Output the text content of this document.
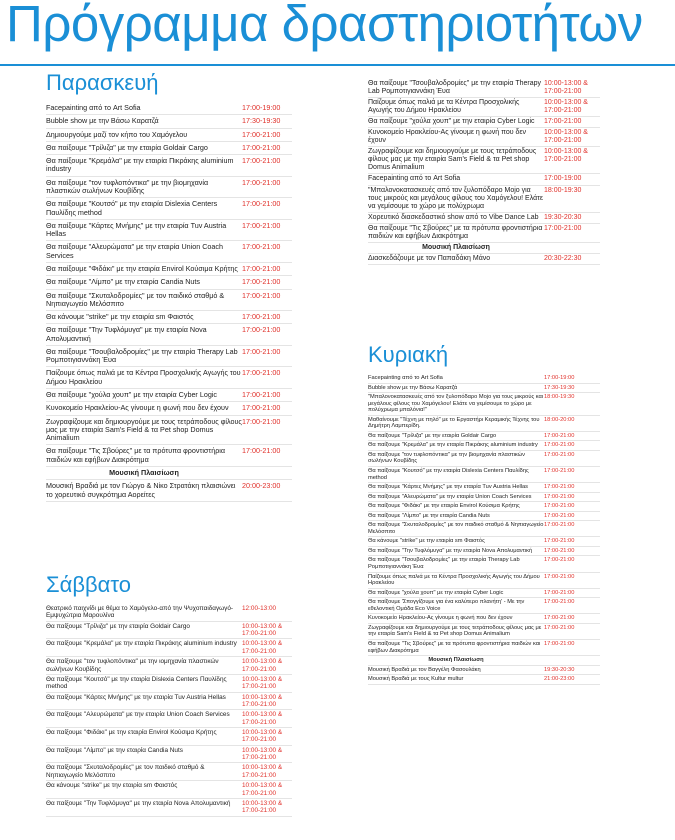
Πρόγραμμα δραστηριοτήτων
Παρασκευή
Facepainting από το Art Sofia	17:00-19:00

Bubble show με την Βάσω Καρατζά	17:30-19:30

Δημιουργούμε μαζί τον κήπο του Χαμόγελου	17:00-21:00

Θα παίξουμε "Τρίλιζα" με την εταιρία Goldair Cargo	17:00-21:00

Θα παίξουμε "Κρεμάλα" με την εταιρία Πικράκης aluminium industry	17:00-21:00

Θα παίξουμε "τον τυφλοπόντικα" με την βιομηχανία πλαστικών σωλήνων Κουβίδης	17:00-21:00

Θα παίξουμε "Κουτσό" με την εταιρία Dislexia Centers Παυλίδης method	17:00-21:00

Θα παίξουμε "Κάρτες Μνήμης" με την εταιρία Tuv Austria Hellas	17:00-21:00

Θα παίξουμε "Αλευρώματα" με την εταιρία Union Coach Services	17:00-21:00

Θα παίξουμε "Φιδάκι" με την εταιρία Envirol Κούσιμα Κρήτης	17:00-21:00

Θα παίξουμε "Λίμπο" με την εταιρία Candia Nuts	17:00-21:00

Θα παίξουμε "Σκυταλοδρομίες" με τον παιδικό σταθμό & Νηπιαγωγείο Μελόσπιτο	17:00-21:00

Θα κάνουμε "strike" με την εταιρία sm Φαιστός	17:00-21:00

Θα παίξουμε "Την Τυφλόμυγα" με την εταιρία Nova Απολυμαντική	17:00-21:00

Θα παίξουμε "Τσουβαλοδρομίες" με την εταιρία Therapy Lab Ρομποτιγιαννάκη Έυα	17:00-21:00

Παίζουμε όπως παλιά με τα Κέντρα Προσχολικής Αγωγής του Δήμου Ηρακλείου	17:00-21:00

Θα παίξουμε "χούλα χουπ" με την εταιρία Cyber Logic	17:00-21:00

Κυνοκομείο Ηρακλείου-Ας γίνουμε η φωνή που δεν έχουν	17:00-21:00

Ζωγραφίζουμε και δημιουργούμε με τους τετράποδους φίλους μας με την εταιρία Sam's Field & τα Pet shop Domus Animalium	17:00-21:00

Θα παίξουμε "Τις Σβούρες" με τα πρότυπα φροντιστήρια παιδιών και εφήβων Διακρότημα	17:00-21:00

Μουσική Πλαισίωση	
Μουσική Βραδιά με τον Γιώργο & Νίκο Στρατάκη πλαισιώνει το χορευτικό συγκρότημα Αορείτες	20:00-23:00
Σάββατο
Θεατρικό παιχνίδι με θέμα το Χαμόγελο-από την Ψυχοπαιδαγωγό-Εμψυχώτρια Μαρουλίνα	12:00-13:00

Θα παίξουμε "Τρίλιζα" με την εταιρία Goldair Cargo	10:00-13:00 &
17:00-21:00

Θα παίξουμε "Κρεμάλα" με την εταιρία Πικράκης aluminium industry	10:00-13:00 &
17:00-21:00

Θα παίξουμε "τον τυφλοπόντικα" με την ιομηχανία πλαστικών σωλήνων Κουβίδης	10:00-13:00 &
17:00-21:00

Θα παίξουμε "Κουτσό" με την εταιρία Dislexia Centers Παυλίδης method	10:00-13:00 &
17:00-21:00

Θα παίξουμε "Κάρτες Μνήμης" με την εταιρία Tuv Austria Hellas	10:00-13:00 &
17:00-21:00

Θα παίξουμε "Αλευρώματα" με την εταιρία Union Coach Services	10:00-13:00 &
17:00-21:00

Θα παίξουμε "Φιδάκι" με την εταιρία Envirol Κούσιμα Κρήτης	10:00-13:00 &
17:00-21:00

Θα παίξουμε "Λίμπο" με την εταιρία Candia Nuts	10:00-13:00 &
17:00-21:00

Θα παίξουμε "Σκυταλοδρομίες" με τον παιδικό σταθμό & Νηπιαγωγείο Μελόσπιτο	10:00-13:00 &
17:00-21:00

Θα κάνουμε "strike" με την εταιρία sm Φαιστός	10:00-13:00 &
17:00-21:00

Θα παίξουμε "Την Τυφλόμυγα" με την εταιρία Nova Απολυμαντική	10:00-13:00 &
17:00-21:00
Θα παίξουμε "Τσουβαλοδρομίες" με την εταιρία Therapy Lab Ρομποτιγιαννάκη Έυα	10:00-13:00 &
17:00-21:00

Παίζουμε όπως παλιά με τα Κέντρα Προσχολικής Αγωγής του Δήμου Ηρακλείου	10:00-13:00 &
17:00-21:00

Θα παίξουμε "χούλα χουπ" με την εταιρία Cyber Logic	17:00-21:00

Κυνοκομείο Ηρακλείου-Ας γίνουμε η φωνή που δεν έχουν	10:00-13:00 &
17:00-21:00

Ζωγραφίζουμε και δημιουργούμε με τους τετράποδους φίλους μας με την εταιρία Sam's Field & τα Pet shop Domus Animalium	10:00-13:00 &
17:00-21:00

Facepainting από το Art Sofia	17:00-19:00

"Μπαλονοκατασκευές από τον ξυλοπόδαρο Mojo για τους μικρούς και μεγάλους φίλους του Χαμόγελου! Ελάτε να γεμίσουμε το χώρο με πολύχρωμα	18:00-19:30

Χορευτικό διασκεδαστικό show από το Vibe Dance Lab	19:30-20:30

Θα παίξουμε "Τις Σβούρες" με τα πρότυπα φροντιστήρια παιδιών και εφήβων Διακρότημα	17:00-21:00

Μουσική Πλαισίωση	
Διασκεδάζουμε με τον Παπαδάκη Μάνο	20:30-22:30
Κυριακή
Facepainting από το Art Sofia	17:00-19:00

Bubble show με την Βάσω Καρατζά	17:30-19:30

"Μπαλονοκατασκευές από τον ξυλοπόδαρο Mojo για τους μικρούς και μεγάλους φίλους του Χαμόγελου! Ελάτε να γεμίσουμε το χώρο με πολύχρωμα μπαλόνια!"	18:00-19:30

Μαθαίνουμε "Τέχνη με πηλό" με το Εργαστήρι Κεραμικής Τέχνης του Δημήτρη Λαμπερίδη.	18:00-20:00

Θα παίξουμε "Τρίλιζα" με την εταιρία Goldair Cargo	17:00-21:00

Θα παίξουμε "Κρεμάλα" με την εταιρία Πικράκης aluminium industry	17:00-21:00

Θα παίξουμε "τον τυφλοπόντικα" με την βιομηχανία πλαστικών σωλήνων Κουβίδης	17:00-21:00

Θα παίξουμε "Κουτσό" με την εταιρία Dislexia Centers Παυλίδης method	17:00-21:00

Θα παίξουμε "Κάρτες Μνήμης" με την εταιρία Tuv Austria Hellas	17:00-21:00

Θα παίξουμε "Αλευρώματα" με την εταιρία Union Coach Services	17:00-21:00

Θα παίξουμε "Φιδάκι" με την εταιρία Envirol Κούσιμα Κρήτης	17:00-21:00

Θα παίξουμε "Λίμπο" με την εταιρία Candia Nuts	17:00-21:00

Θα παίξουμε "Σκυταλοδρομίες" με τον παιδικό σταθμό & Νηπιαγωγείο Μελόσπιτο	17:00-21:00

Θα κάνουμε "strike" με την εταιρία sm Φαιστός	17:00-21:00

Θα παίξουμε "Την Τυφλόμυγα" με την εταιρία Nova Απολυμαντική	17:00-21:00

Θα παίξουμε "Τσουβαλοδρομίες" με την εταιρία Therapy Lab Ρομποτιγιαννάκη Έυα	17:00-21:00

Παίζουμε όπως παλιά με τα Κέντρα Προσχολικής Αγωγής του Δήμου Ηρακλείου	17:00-21:00

Θα παίξουμε "χούλα χουπ" με την εταιρία Cyber Logic	17:00-21:00

Θα παίξουμε 'Σπογγίζουμε για ένα καλύτερο πλανήτη' - Με την εθελοντική Ομάδα Eco Voice	17:00-21:00

Κυνοκομείο Ηρακλείου-Ας γίνουμε η φωνή που δεν έχουν	17:00-21:00

Ζωγραφίζουμε και δημιουργούμε με τους τετράποδους φίλους μας με την εταιρία Sam's Field & τα Pet shop Domus Animalium	17:00-21:00

Θα παίξουμε "Τις Σβούρες" με τα πρότυπα φροντιστήρια παιδιών και εφήβων Διακρότημα	17:00-21:00

Μουσική Πλαισίωση	
Μουσική Βραδιά με τον Βαγγέλη Φασουλάκη	19:30-20:30

Μουσική Βραδιά με τους Kultur multur	21:00-23:00
